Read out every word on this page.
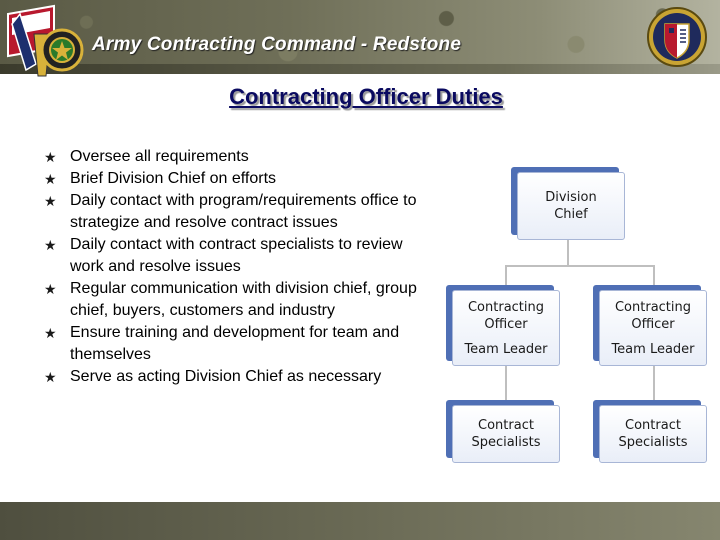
Army Contracting Command - Redstone
Contracting Officer Duties
★ Oversee all requirements
★ Brief Division Chief on efforts
★ Daily contact with program/requirements office to strategize and resolve contract issues
★ Daily contact with contract specialists to review work and resolve issues
★ Regular communication with division chief, group chief, buyers, customers and industry
★ Ensure training and development for team and themselves
★ Serve as acting Division Chief as necessary
Division
Chief
Contracting
Officer
Team Leader
Contracting
Officer
Team Leader
Contract
Specialists
Contract
Specialists
